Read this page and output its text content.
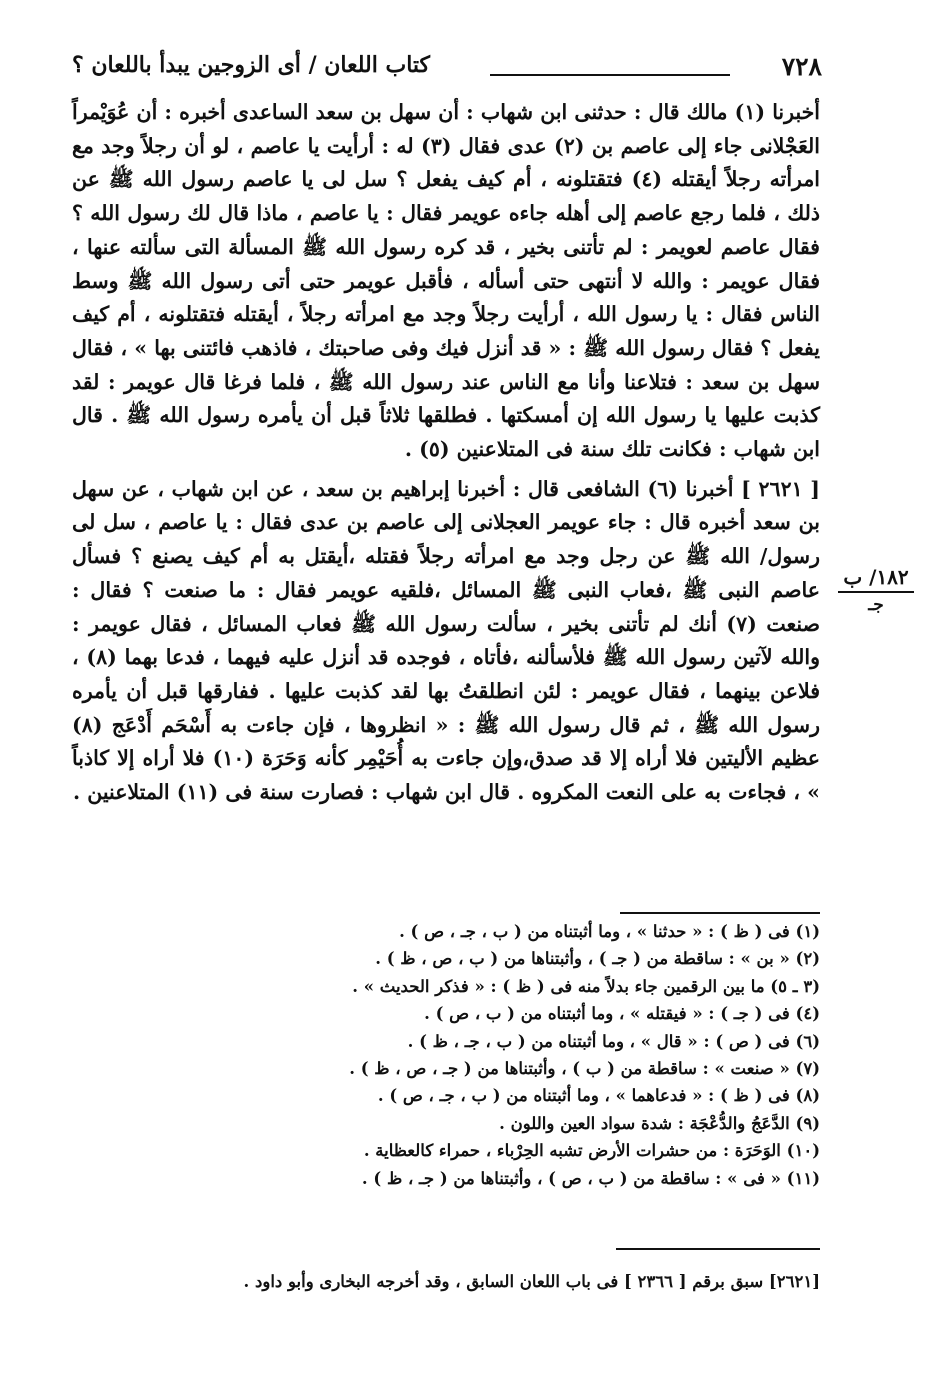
٧٢٨
كتاب اللعان / أى الزوجين يبدأ باللعان ؟

أخبرنا (١) مالك قال : حدثنى ابن شهاب : أن سهل بن سعد الساعدى أخبره : أن عُوَيْمراً العَجْلانى جاء إلى عاصم بن (٢) عدى فقال (٣) له : أرأيت يا عاصم ، لو أن رجلاً وجد مع امرأته رجلاً أيقتله (٤) فتقتلونه ، أم كيف يفعل ؟ سل لى يا عاصم رسول الله ﷺ عن ذلك ، فلما رجع عاصم إلى أهله جاءه عويمر فقال : يا عاصم ، ماذا قال لك رسول الله ؟ فقال عاصم لعويمر : لم تأتنى بخير ، قد كره رسول الله ﷺ المسألة التى سألته عنها ، فقال عويمر : والله لا أنتهى حتى أسأله ، فأقبل عويمر حتى أتى رسول الله ﷺ وسط الناس فقال : يا رسول الله ، أرأيت رجلاً وجد مع امرأته رجلاً ، أيقتله فتقتلونه ، أم كيف يفعل ؟ فقال رسول الله ﷺ : « قد أنزل فيك وفى صاحبتك ، فاذهب فائتنى بها » ، فقال سهل بن سعد : فتلاعنا وأنا مع الناس عند رسول الله ﷺ ، فلما فرغا قال عويمر : لقد كذبت عليها يا رسول الله إن أمسكتها . فطلقها ثلاثاً قبل أن يأمره رسول الله ﷺ . قال ابن شهاب : فكانت تلك سنة فى المتلاعنين (٥) .

[ ٢٦٢١ ] أخبرنا (٦) الشافعى قال : أخبرنا إبراهيم بن سعد ، عن ابن شهاب ، عن سهل بن سعد أخبره قال : جاء عويمر العجلانى إلى عاصم بن عدى فقال : يا عاصم ، سل لى رسول/ الله ﷺ عن رجل وجد مع امرأته رجلاً فقتله ،أيقتل به أم كيف يصنع ؟ فسأل عاصم النبى ﷺ ،فعاب النبى ﷺ المسائل ،فلقيه عويمر فقال : ما صنعت ؟ فقال : صنعت (٧) أنك لم تأتنى بخير ، سألت رسول الله ﷺ فعاب المسائل ، فقال عويمر : والله لآتين رسول الله ﷺ فلأسألنه ،فأتاه ، فوجده قد أنزل عليه فيهما ، فدعا بهما (٨) ، فلاعن بينهما ، فقال عويمر : لئن انطلقتُ بها لقد كذبت عليها . ففارقها قبل أن يأمره رسول الله ﷺ ، ثم قال رسول الله ﷺ : « انظروها ، فإن جاءت به أَسْحَم أَدْعَج (٨) عظيم الأليتين فلا أراه إلا قد صدق،وإن جاءت به أُحَيْمِر كأنه وَحَرَة (١٠) فلا أراه إلا كاذباً » ، فجاءت به على النعت المكروه . قال ابن شهاب : فصارت سنة فى (١١) المتلاعنين .

١٨٢/ ب
جـ
(١) فى ( ظ ) : « حدثنا » ، وما أثبتناه من ( ب ، جـ ، ص ) .
(٢) « بن » : ساقطة من ( جـ ) ، وأثبتناها من ( ب ، ص ، ظ ) .
(٣ ـ ٥) ما بين الرقمين جاء بدلاً منه فى ( ظ ) : « فذكر الحديث » .
(٤) فى ( جـ ) : « فيقتله » ، وما أثبتناه من ( ب ، ص ) .
(٦) فى ( ص ) : « قال » ، وما أثبتناه من ( ب ، جـ ، ظ ) .
(٧) « صنعت » : ساقطة من ( ب ) ، وأثبتناها من ( جـ ، ص ، ظ ) .
(٨) فى ( ظ ) : « فدعاهما » ، وما أثبتناه من ( ب ، جـ ، ص ) .
(٩) الدَّعَجُ والدُّعْجَة : شدة سواد العين واللون .
(١٠) الوَحَرَة : من حشرات الأرض تشبه الحِرْباء ، حمراء كالعظاية .
(١١) « فى » : ساقطة من ( ب ، ص ) ، وأثبتناها من ( جـ ، ظ ) .
[٢٦٢١] سبق برقم [ ٢٣٦٦ ] فى باب اللعان السابق ، وقد أخرجه البخارى وأبو داود .
